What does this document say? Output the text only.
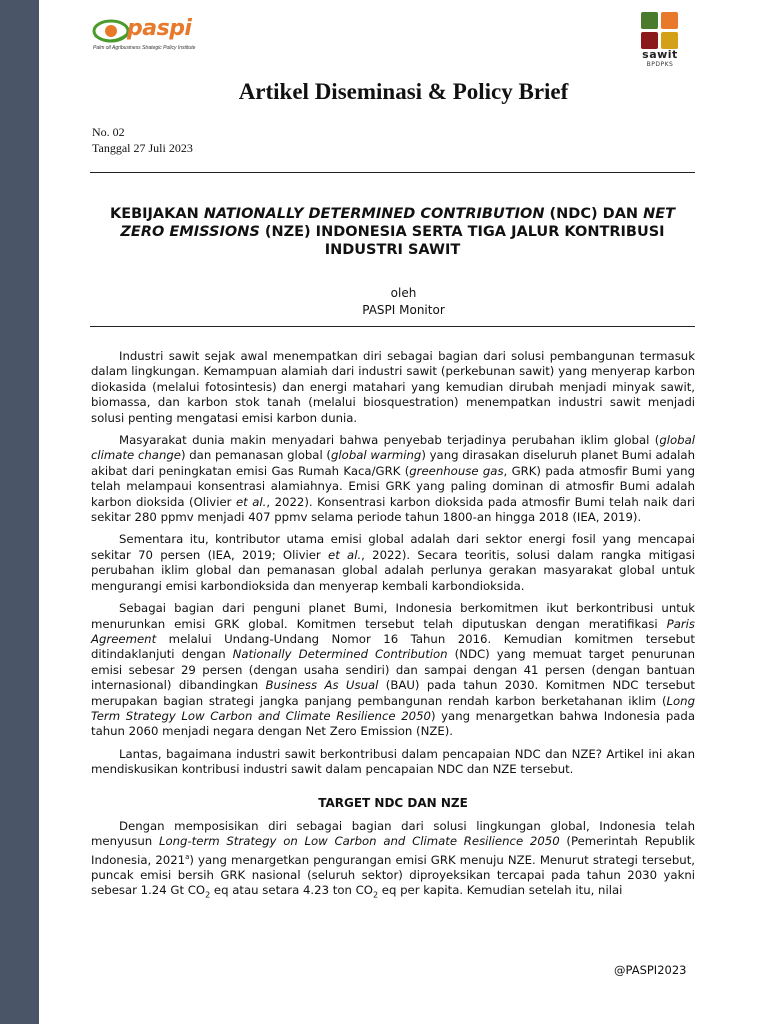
paspi
Palm oil Agribusiness Strategic Policy Institute	sawit
BPDPKS
Artikel Diseminasi & Policy Brief
No. 02
Tanggal 27 Juli 2023
KEBIJAKAN NATIONALLY DETERMINED CONTRIBUTION (NDC) DAN NET ZERO EMISSIONS (NZE) INDONESIA SERTA TIGA JALUR KONTRIBUSI INDUSTRI SAWIT
oleh
PASPI Monitor

Industri sawit sejak awal menempatkan diri sebagai bagian dari solusi pembangunan termasuk dalam lingkungan. Kemampuan alamiah dari industri sawit (perkebunan sawit) yang menyerap karbon diokasida (melalui fotosintesis) dan energi matahari yang kemudian dirubah menjadi minyak sawit, biomassa, dan karbon stok tanah (melalui biosquestration) menempatkan industri sawit menjadi solusi penting mengatasi emisi karbon dunia.

Masyarakat dunia makin menyadari bahwa penyebab terjadinya perubahan iklim global (global climate change) dan pemanasan global (global warming) yang dirasakan diseluruh planet Bumi adalah akibat dari peningkatan emisi Gas Rumah Kaca/GRK (greenhouse gas, GRK) pada atmosfir Bumi yang telah melampaui konsentrasi alamiahnya. Emisi GRK yang paling dominan di atmosfir Bumi adalah karbon dioksida (Olivier et al., 2022). Konsentrasi karbon dioksida pada atmosfir Bumi telah naik dari sekitar 280 ppmv menjadi 407 ppmv selama periode tahun 1800-an hingga 2018 (IEA, 2019).

Sementara itu, kontributor utama emisi global adalah dari sektor energi fosil yang mencapai sekitar 70 persen (IEA, 2019; Olivier et al., 2022). Secara teoritis, solusi dalam rangka mitigasi perubahan iklim global dan pemanasan global adalah perlunya gerakan masyarakat global untuk mengurangi emisi karbondioksida dan menyerap kembali karbondioksida.

Sebagai bagian dari penguni planet Bumi, Indonesia berkomitmen ikut berkontribusi untuk menurunkan emisi GRK global. Komitmen tersebut telah diputuskan dengan meratifikasi Paris Agreement melalui Undang-Undang Nomor 16 Tahun 2016. Kemudian komitmen tersebut ditindaklanjuti dengan Nationally Determined Contribution (NDC) yang memuat target penurunan emisi sebesar 29 persen (dengan usaha sendiri) dan sampai dengan 41 persen (dengan bantuan internasional) dibandingkan Business As Usual (BAU) pada tahun 2030. Komitmen NDC tersebut merupakan bagian strategi jangka panjang pembangunan rendah karbon berketahanan iklim (Long Term Strategy Low Carbon and Climate Resilience 2050) yang menargetkan bahwa Indonesia pada tahun 2060 menjadi negara dengan Net Zero Emission (NZE).

Lantas, bagaimana industri sawit berkontribusi dalam pencapaian NDC dan NZE? Artikel ini akan mendiskusikan kontribusi industri sawit dalam pencapaian NDC dan NZE tersebut.

TARGET NDC DAN NZE

Dengan memposisikan diri sebagai bagian dari solusi lingkungan global, Indonesia telah menyusun Long-term Strategy on Low Carbon and Climate Resilience 2050 (Pemerintah Republik Indonesia, 2021$^a$) yang menargetkan pengurangan emisi GRK menuju NZE. Menurut strategi tersebut, puncak emisi bersih GRK nasional (seluruh sektor) diproyeksikan tercapai pada tahun 2030 yakni sebesar 1.24 Gt $CO_2$ eq atau setara 4.23 ton $CO_2$ eq per kapita. Kemudian setelah itu, nilai

@PASPI2023
